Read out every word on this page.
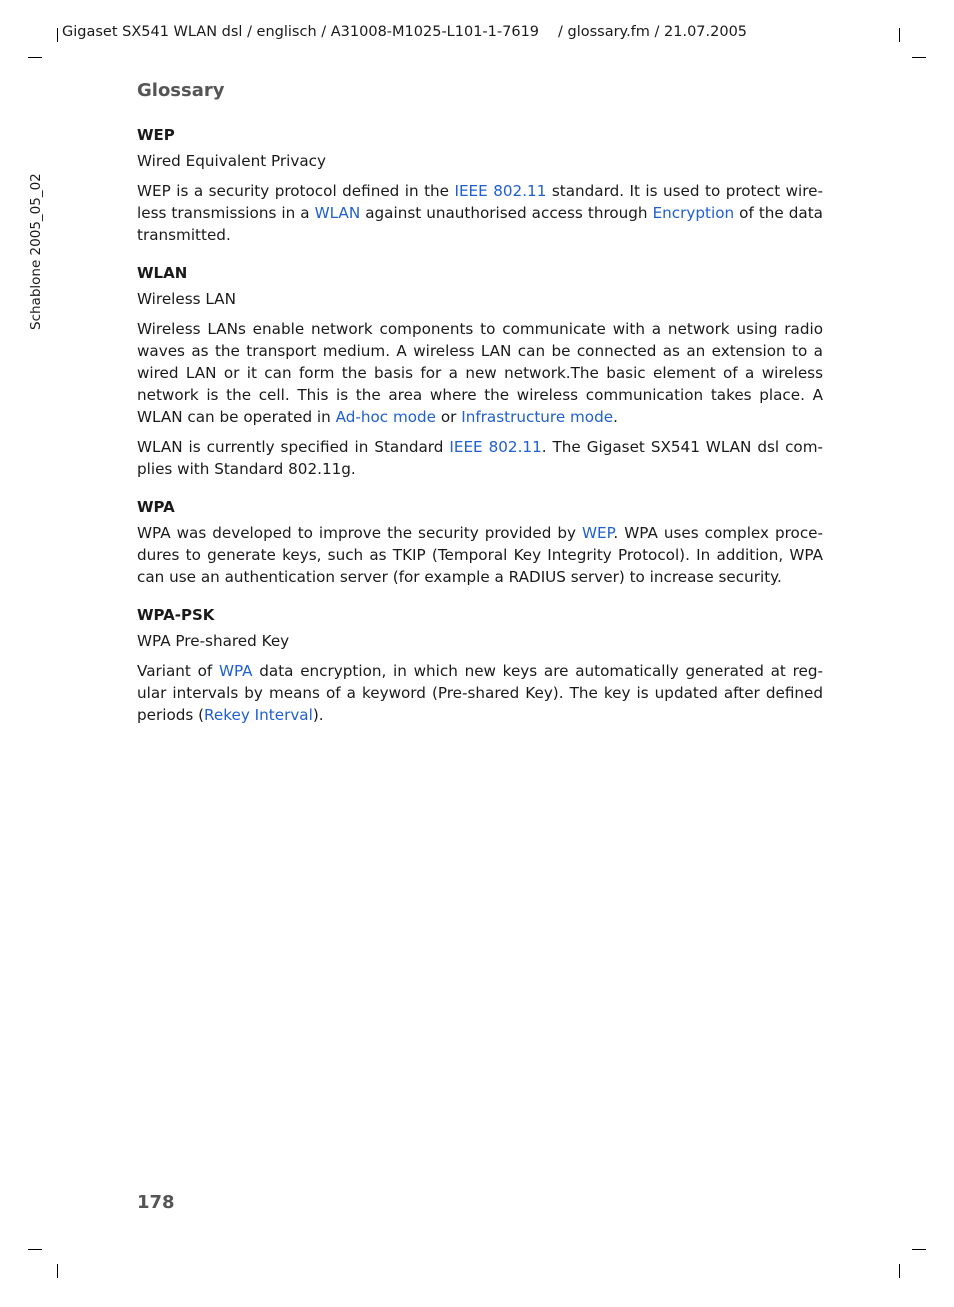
Gigaset SX541 WLAN dsl / englisch / A31008-M1025-L101-1-7619 / glossary.fm / 21.07.2005
Schablone 2005_05_02
Glossary
WEP
Wired Equivalent Privacy
WEP is a security protocol defined in the IEEE 802.11 standard. It is used to protect wire-less transmissions in a WLAN against unauthorised access through Encryption of the data transmitted.
WLAN
Wireless LAN
Wireless LANs enable network components to communicate with a network using radio waves as the transport medium. A wireless LAN can be connected as an extension to a wired LAN or it can form the basis for a new network.The basic element of a wireless network is the cell. This is the area where the wireless communication takes place. A WLAN can be operated in Ad-hoc mode or Infrastructure mode.
WLAN is currently specified in Standard IEEE 802.11. The Gigaset SX541 WLAN dsl com-plies with Standard 802.11g.
WPA
WPA was developed to improve the security provided by WEP. WPA uses complex proce-dures to generate keys, such as TKIP (Temporal Key Integrity Protocol). In addition, WPA can use an authentication server (for example a RADIUS server) to increase security.
WPA-PSK
WPA Pre-shared Key
Variant of WPA data encryption, in which new keys are automatically generated at reg-ular intervals by means of a keyword (Pre-shared Key). The key is updated after defined periods (Rekey Interval).
178
